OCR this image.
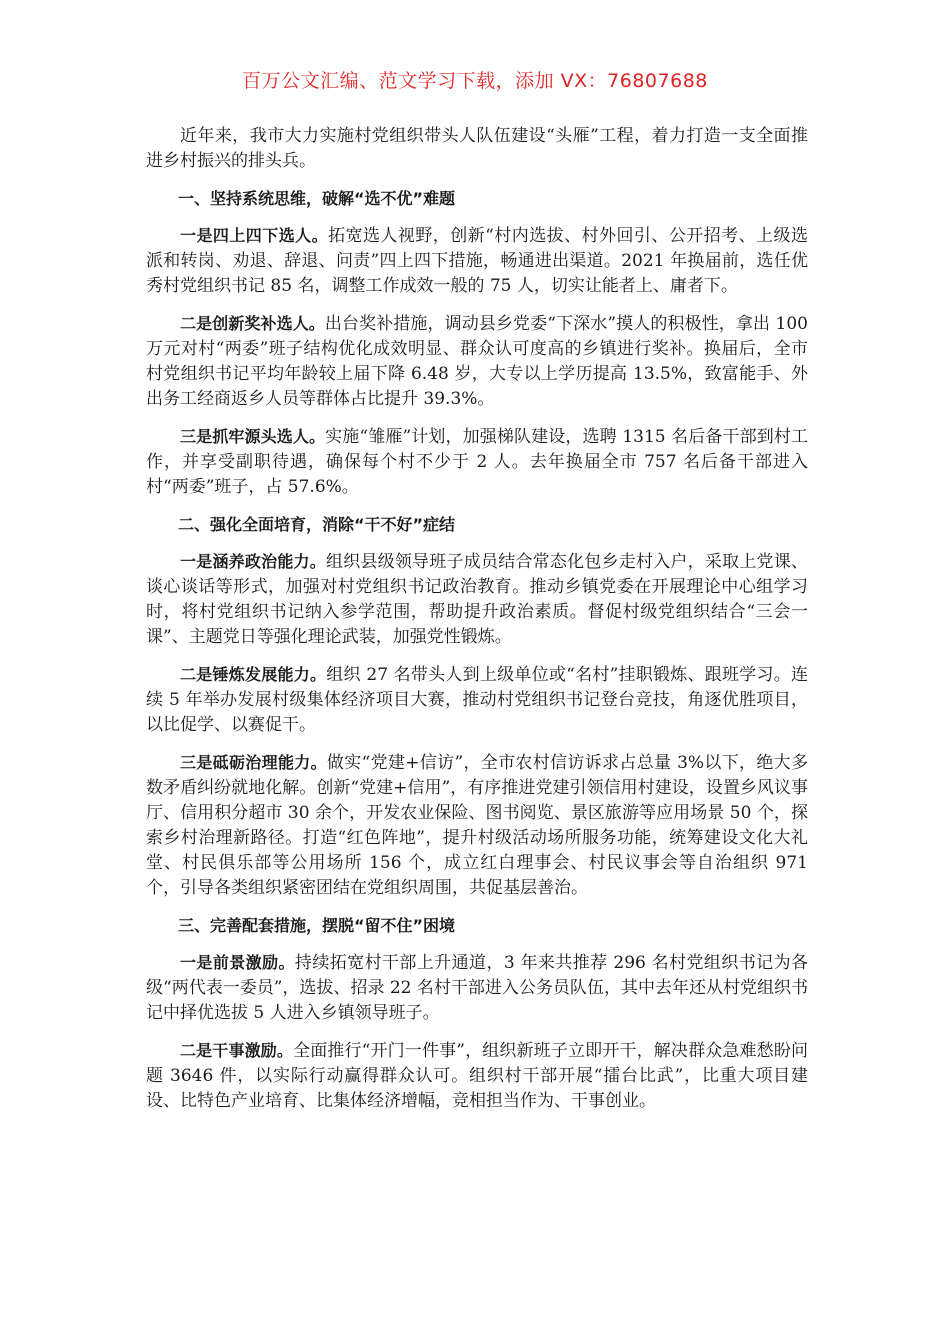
百万公文汇编、范文学习下载，添加 VX：76807688

近年来，我市大力实施村党组织带头人队伍建设“头雁”工程，着力打造一支全面推进乡村振兴的排头兵。

一、坚持系统思维，破解“选不优”难题

一是四上四下选人。拓宽选人视野，创新“村内选拔、村外回引、公开招考、上级选派和转岗、劝退、辞退、问责”四上四下措施，畅通进出渠道。2021 年换届前，选任优秀村党组织书记 85 名，调整工作成效一般的 75 人，切实让能者上、庸者下。

二是创新奖补选人。出台奖补措施，调动县乡党委“下深水”摸人的积极性，拿出 100 万元对村“两委”班子结构优化成效明显、群众认可度高的乡镇进行奖补。换届后，全市村党组织书记平均年龄较上届下降 6.48 岁，大专以上学历提高 13.5%，致富能手、外出务工经商返乡人员等群体占比提升 39.3%。

三是抓牢源头选人。实施“雏雁”计划，加强梯队建设，选聘 1315 名后备干部到村工作，并享受副职待遇，确保每个村不少于 2 人。去年换届全市 757 名后备干部进入村“两委”班子，占 57.6%。

二、强化全面培育，消除“干不好”症结

一是涵养政治能力。组织县级领导班子成员结合常态化包乡走村入户，采取上党课、谈心谈话等形式，加强对村党组织书记政治教育。推动乡镇党委在开展理论中心组学习时，将村党组织书记纳入参学范围，帮助提升政治素质。督促村级党组织结合“三会一课”、主题党日等强化理论武装，加强党性锻炼。

二是锤炼发展能力。组织 27 名带头人到上级单位或“名村”挂职锻炼、跟班学习。连续 5 年举办发展村级集体经济项目大赛，推动村党组织书记登台竞技，角逐优胜项目，以比促学、以赛促干。

三是砥砺治理能力。做实“党建+信访”，全市农村信访诉求占总量 3%以下，绝大多数矛盾纠纷就地化解。创新“党建+信用”，有序推进党建引领信用村建设，设置乡风议事厅、信用积分超市 30 余个，开发农业保险、图书阅览、景区旅游等应用场景 50 个，探索乡村治理新路径。打造“红色阵地”，提升村级活动场所服务功能，统筹建设文化大礼堂、村民俱乐部等公用场所 156 个，成立红白理事会、村民议事会等自治组织 971 个，引导各类组织紧密团结在党组织周围，共促基层善治。

三、完善配套措施，摆脱“留不住”困境

一是前景激励。持续拓宽村干部上升通道，3 年来共推荐 296 名村党组织书记为各级“两代表一委员”，选拔、招录 22 名村干部进入公务员队伍，其中去年还从村党组织书记中择优选拔 5 人进入乡镇领导班子。

二是干事激励。全面推行“开门一件事”，组织新班子立即开干，解决群众急难愁盼问题 3646 件，以实际行动赢得群众认可。组织村干部开展“擂台比武”，比重大项目建设、比特色产业培育、比集体经济增幅，竞相担当作为、干事创业。
